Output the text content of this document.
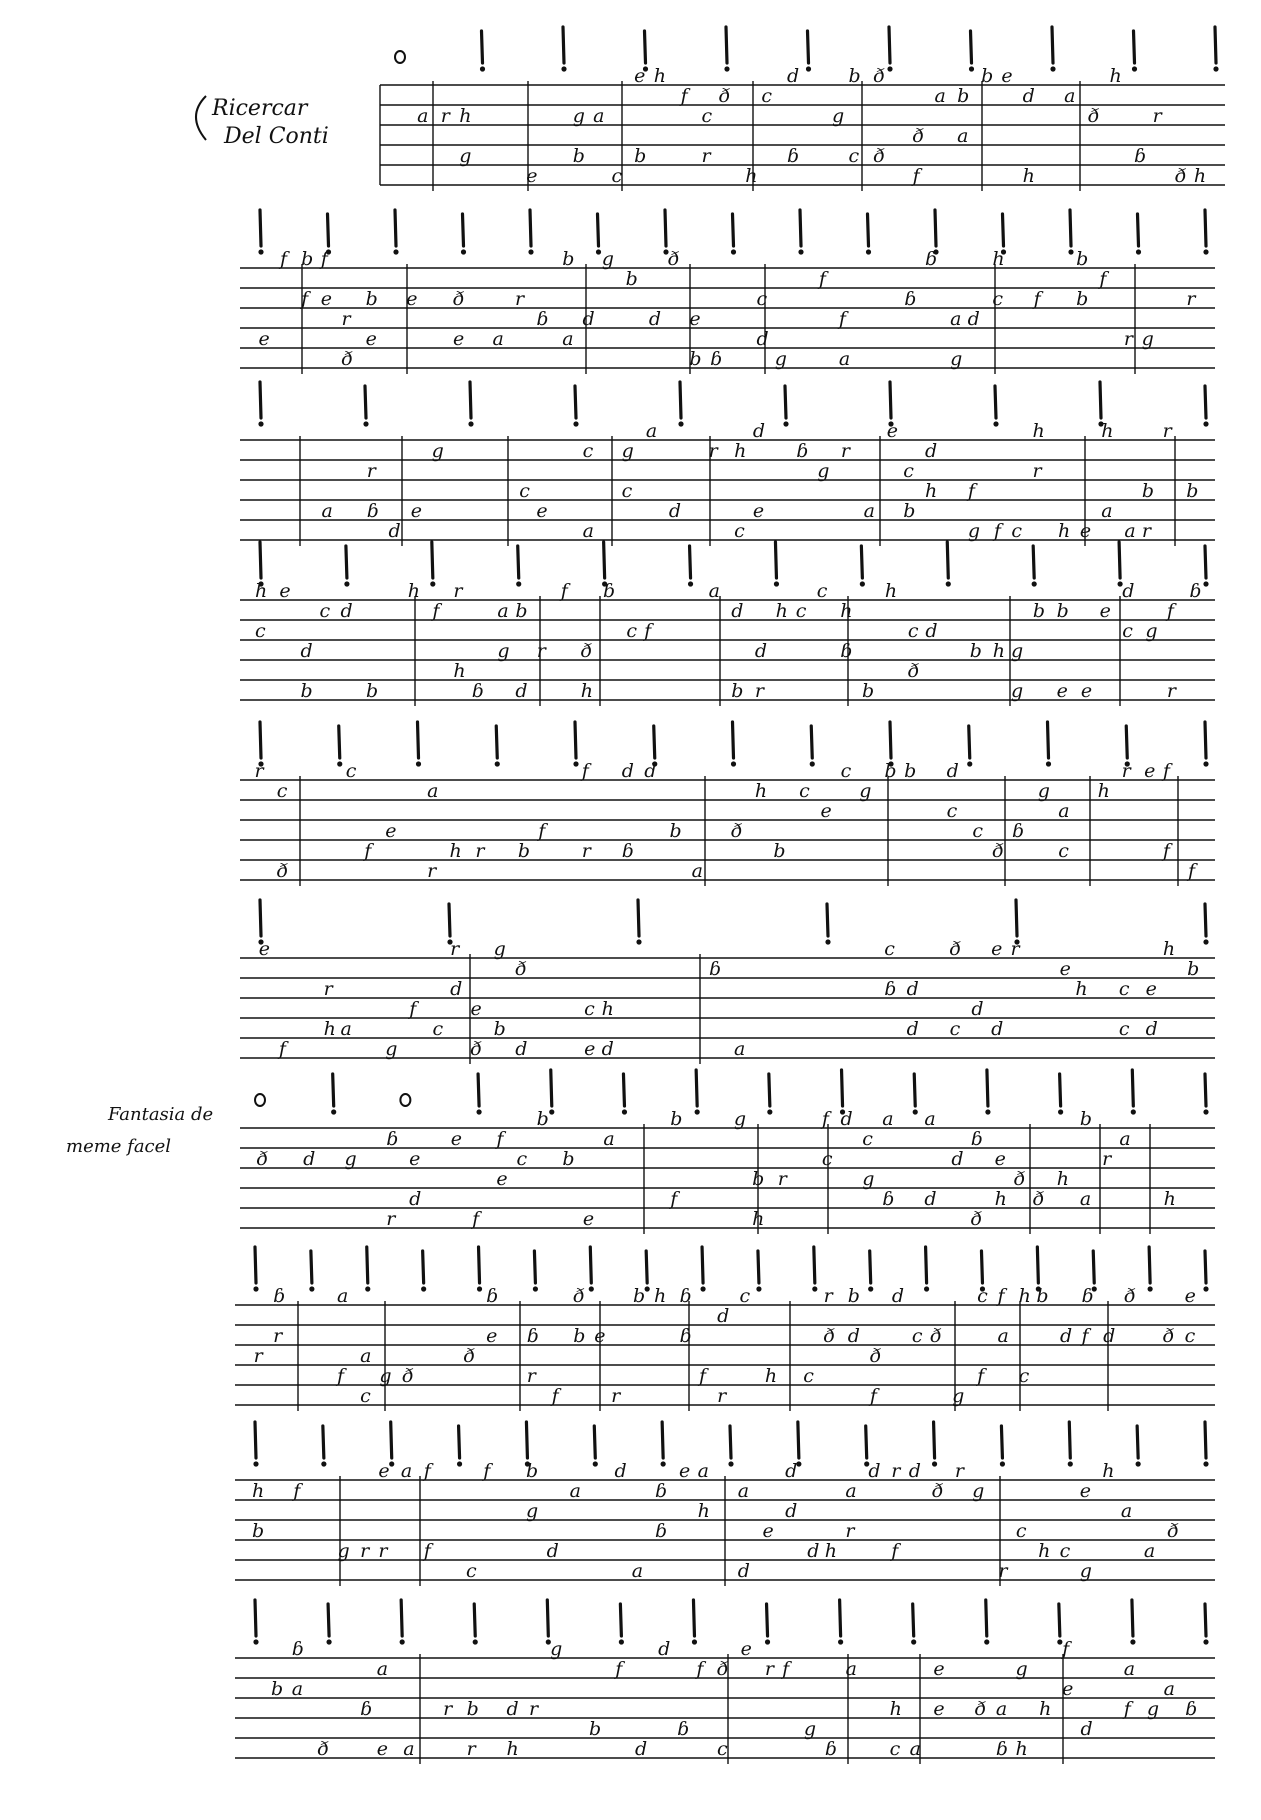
a r h
g
e
g
b
a
c
b
e h
f
c
r
ð
h
c
ɓ
d
g
c
b
ð
ð
ð
f
a b
a
b e
h
d a
ð
h
ɓ
r
ð h
e
f b
f
f
e
r
ð
b
e
e ð
e a
r
ɓ
a
b
d
g
b
d
ð
e
b ɓ
c
d
g
f
f
a
ɓ
ɓ
a
g
d
h
c f
b
b
f
r g
r
a
r
ɓ
d
e
g
c
e
a
c g
c
a
d
r
c
h
e
d
ɓ
g
r
a
e
c
b
d
h f
g f c
h
r
h e
a
h
a
b
r
r
b
h
c
e
d
b
c d
b
h
f
h
r
ɓ
a
g
d
b
r
f
ð
h
ɓ
c f
a
b
d
d
r
h c
c
h
ɓ
b
h
c
ð
d
b h g
g
b
e
b
e
e
d
c g
r
f
ɓ
r
ð
c
c
f
e
r
a
h r b
f
r
f
ɓ
d d
b
a
ð
h
b
c
e
c
g
b b d
c
c
ð
ɓ
g
a
c
h
r e
f
f
f
e
f
r
h a
g
f
c
r
d
e
ð
b
g
d
ð
c
e
h
d
ɓ
a
c
ɓ d
d c
ð
d
d
e r
e
h c
c
e
d
h
b
ð d g
r
ɓ
e
d
e
f
f
e
c
b
b
e
a
f
b	g
b
h
r
f
c
d
c
g
ɓ
a
d
a
d
ð
ɓ
e
h
ð
ð
h
a
b
r
a
h
r
ɓ
r
f
a
a
c
g ð
ð
ɓ
e ɓ
r
f
ð
b e
r
b h ɓ
ɓ
f
r
d
c
h c
r
ð
b
d
ð
f
d
c ð
g
f
c f
a
c
h b
d
ɓ
f d
ð
ð
e
c
h
b
f
g r r
e a
f
f
c
f b
g
d
a
d
a
ɓ
ɓ
e a
h
d
a
e
d
d
d h
a
r
d
f
r d
ð
r
g
r
c
h c
g
e
h
a
a
ð
b
ɓ
a
ð
ɓ
e
a
a
r b
r
d
h
r
g
b
f
d
d
ɓ
f
c
ð
e
r f
g
ɓ
a
h
c a
e
e ð a
ɓ h
g
h
f
e
d
a
f g
a
ɓ
Ricercar
Del Conti
Fantasia de
meme facel
